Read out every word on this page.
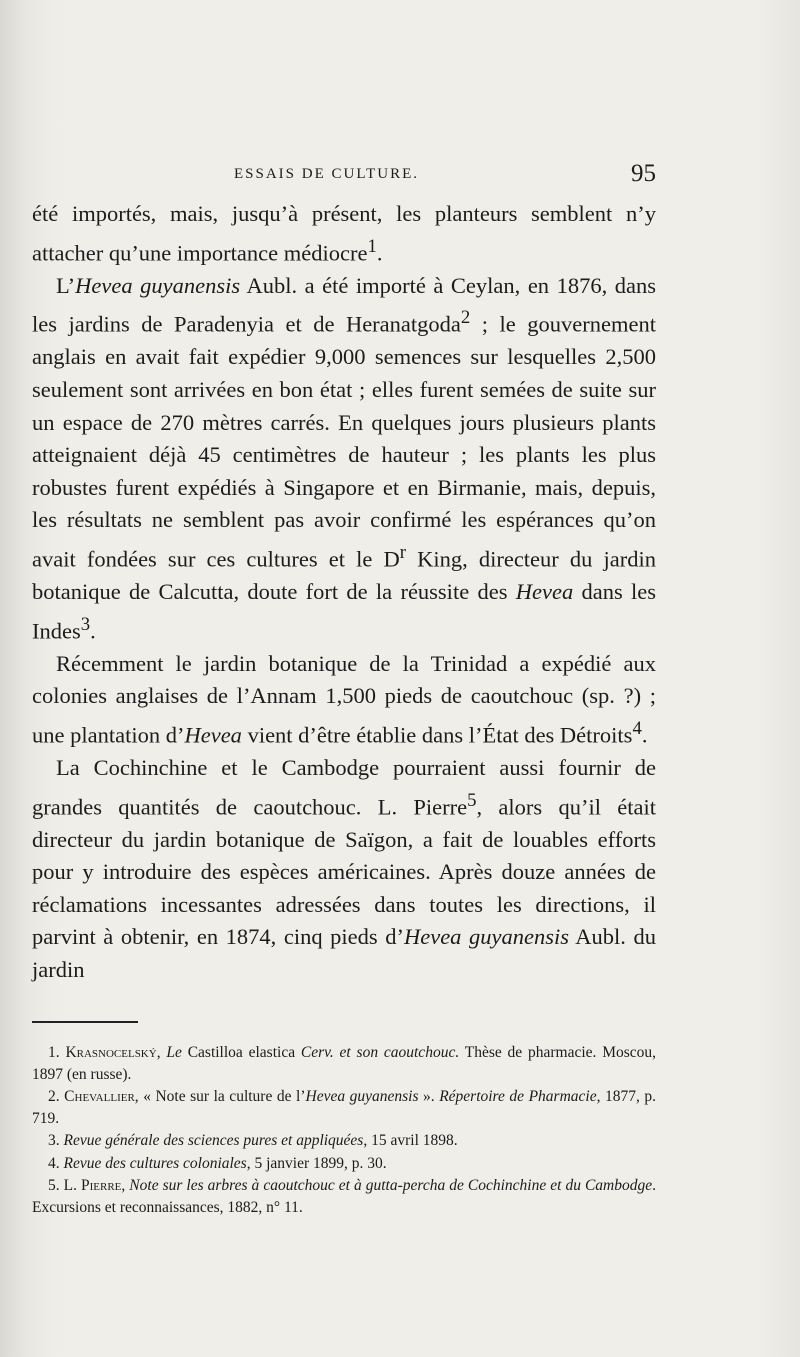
ESSAIS DE CULTURE.	95

été importés, mais, jusqu’à présent, les planteurs semblent n’y attacher qu’une importance médiocre$^1$.

L’Hevea guyanensis Aubl. a été importé à Ceylan, en 1876, dans les jardins de Paradenyia et de Heranatgoda$^2$ ; le gouvernement anglais en avait fait expédier 9,000 semences sur lesquelles 2,500 seulement sont arrivées en bon état ; elles furent semées de suite sur un espace de 270 mètres carrés. En quelques jours plusieurs plants atteignaient déjà 45 centimètres de hauteur ; les plants les plus robustes furent expédiés à Singapore et en Birmanie, mais, depuis, les résultats ne semblent pas avoir confirmé les espérances qu’on avait fondées sur ces cultures et le $D^r$ King, directeur du jardin botanique de Calcutta, doute fort de la réussite des Hevea dans les Indes$^3$.

Récemment le jardin botanique de la Trinidad a expédié aux colonies anglaises de l’Annam 1,500 pieds de caoutchouc (sp. ?) ; une plantation d’Hevea vient d’être établie dans l’État des Détroits$^4$.

La Cochinchine et le Cambodge pourraient aussi fournir de grandes quantités de caoutchouc. L. Pierre$^5$, alors qu’il était directeur du jardin botanique de Saïgon, a fait de louables efforts pour y introduire des espèces américaines. Après douze années de réclamations incessantes adressées dans toutes les directions, il parvint à obtenir, en 1874, cinq pieds d’Hevea guyanensis Aubl. du jardin

1. Krasnocelský, Le Castilloa elastica Cerv. et son caoutchouc. Thèse de pharmacie. Moscou, 1897 (en russe).

2. Chevallier, « Note sur la culture de l’Hevea guyanensis ». Répertoire de Pharmacie, 1877, p. 719.

3. Revue générale des sciences pures et appliquées, 15 avril 1898.

4. Revue des cultures coloniales, 5 janvier 1899, p. 30.

5. L. Pierre, Note sur les arbres à caoutchouc et à gutta-percha de Cochinchine et du Cambodge. Excursions et reconnaissances, 1882, n° 11.
